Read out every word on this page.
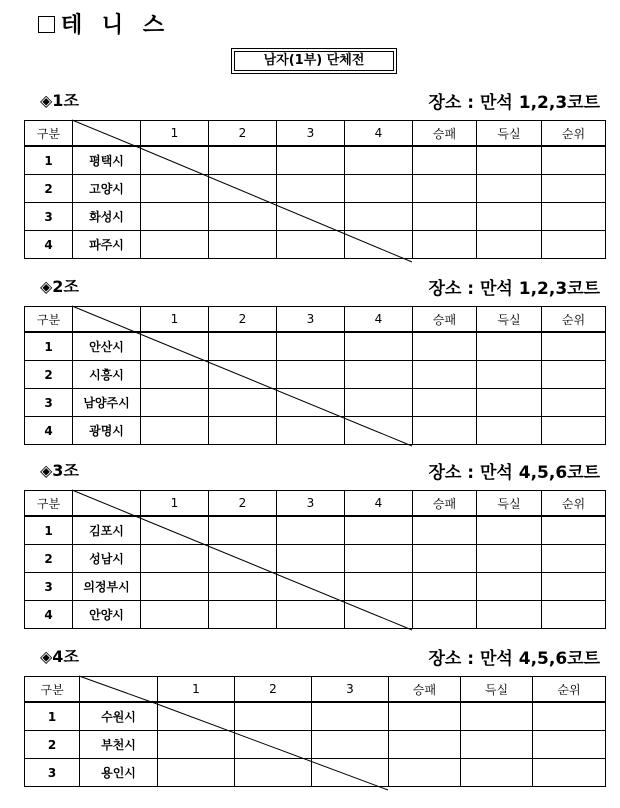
테 니 스
남자(1부) 단체전
◈1조	장소 : 만석 1,2,3코트
구분		1	2	3	4	승패	득실	순위
1	평택시							
2	고양시							
3	화성시							
4	파주시							
◈2조	장소 : 만석 1,2,3코트
구분		1	2	3	4	승패	득실	순위
1	안산시							
2	시흥시							
3	남양주시							
4	광명시							
◈3조	장소 : 만석 4,5,6코트
구분		1	2	3	4	승패	득실	순위
1	김포시							
2	성남시							
3	의정부시							
4	안양시							
◈4조	장소 : 만석 4,5,6코트
구분		1	2	3	승패	득실	순위
1	수원시						
2	부천시						
3	용인시						
